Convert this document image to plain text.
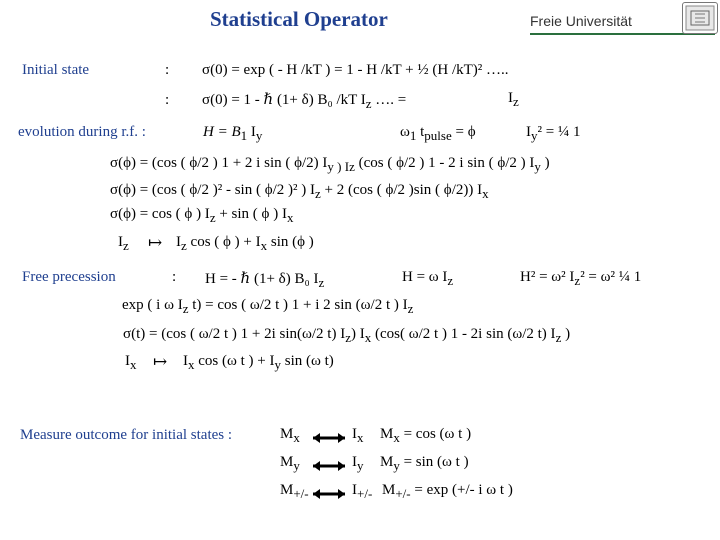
Statistical Operator	Freie Universität
Initial state	: σ(0) = exp ( - H /kT ) = 1 - H /kT + ½ (H /kT)² …..
: σ(0) = 1 - ℏ (1+ δ) B₀ /kT $I_z$ …. =	$I_z$
evolution during r.f. :	$H = B_1$ $I_y$	$\omega_1$ $t_{pulse} = \phi$	$I_y^2$ = ¼ 1
σ(ϕ) = (cos ( ϕ/2 ) 1 + 2 i sin ( ϕ/2) $I_{y ) Iz}$ (cos ( ϕ/2 ) 1 - 2 i sin ( ϕ/2 ) $I_y$ )
σ(ϕ) = (cos ( ϕ/2 )² - sin ( ϕ/2 )² ) $I_z + 2$ (cos ( ϕ/2 )sin ( ϕ/2)) $I_x$
σ(ϕ) = cos ( ϕ ) $I_z + \sin$ ( ϕ ) $I_x$
$I_z$ ↦ $I_z$ cos ( ϕ ) + $I_x$ sin (ϕ )
Free precession	: H = - ℏ (1+ δ) B₀ $I_z$	H = ω $I_z$	H² = ω² $I_z^2 = \omega^2$ ¼ 1
exp ( i ω $I_z$ t) = cos ( ω/2 t ) 1 + i 2 sin (ω/2 t ) $I_z$
σ(t) = (cos ( ω/2 t ) 1 + 2i sin(ω/2 t) $I_z$) $I_x$ (cos( ω/2 t ) 1 - 2i sin (ω/2 t) $I_z$ )
$I_x$ ↦ $I_x$ cos (ω t ) + $I_y$ sin (ω t)
Measure outcome for initial states :	$M_x$	$I_x$ $M_x = \cos (\omega$ t )
$M_y$	$I_y$ $M_y = \sin (\omega$ t )
$M_{+/-}$	$I_{+/-}$ $M_{+/-} = \exp$ (+/- i ω t )
